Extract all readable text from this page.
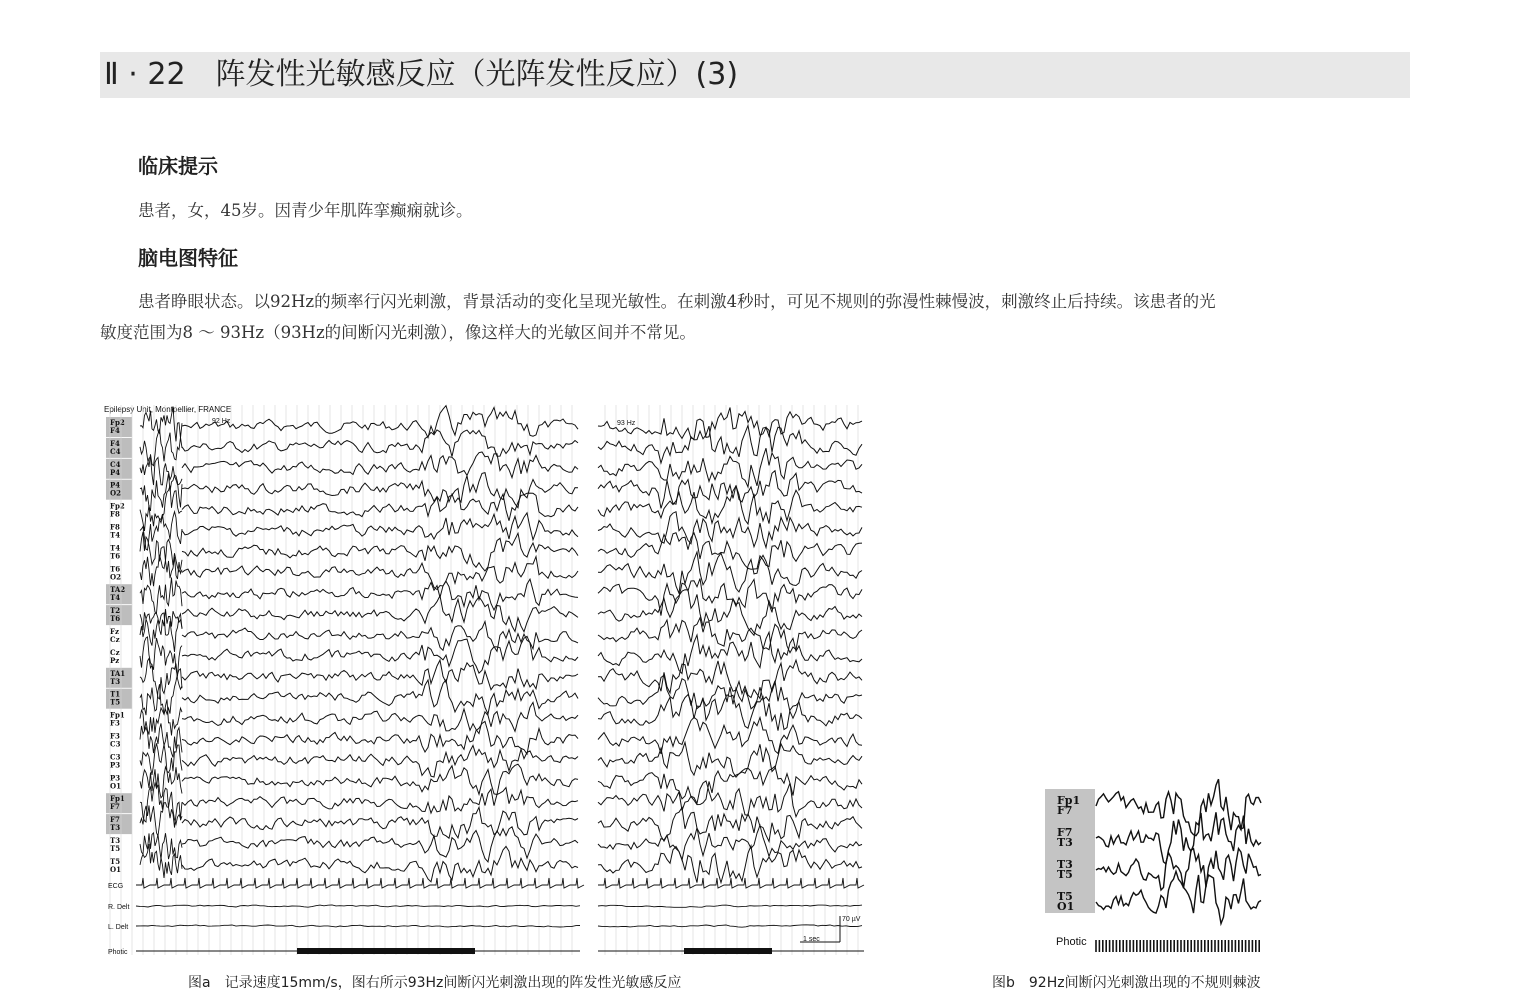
Ⅱ · 22　阵发性光敏感反应（光阵发性反应）(3)
临床提示
患者，女，45岁。因青少年肌阵挛癫痫就诊。
脑电图特征
患者睁眼状态。以92Hz的频率行闪光刺激，背景活动的变化呈现光敏性。在刺激4秒时，可见不规则的弥漫性棘慢波，刺激终止后持续。该患者的光
敏度范围为8 ～ 93Hz（93Hz的间断闪光刺激），像这样大的光敏区间并不常见。
Epilepsy Unit, Montpellier, FRANCE
92 Hz	93 Hz
Fp2
F4
F4
C4
C4
P4
P4
O2
Fp2
F8
F8
T4
T4
T6
T6
O2
TA2
T4
T2
T6
Fz
Cz
Cz
Pz
TA1
T3
T1
T5
Fp1
F3
F3
C3
C3
P3
P3
O1
Fp1
F7
F7
T3
T3
T5
T5
O1
ECG
R. Delt
L. Delt
Photic
70 µV
1 sec
Fp1
F7
F7
T3
T3
T5
T5
O1
Photic
图a 记录速度15mm/s，图右所示93Hz间断闪光刺激出现的阵发性光敏感反应	图b 92Hz间断闪光刺激出现的不规则棘波
